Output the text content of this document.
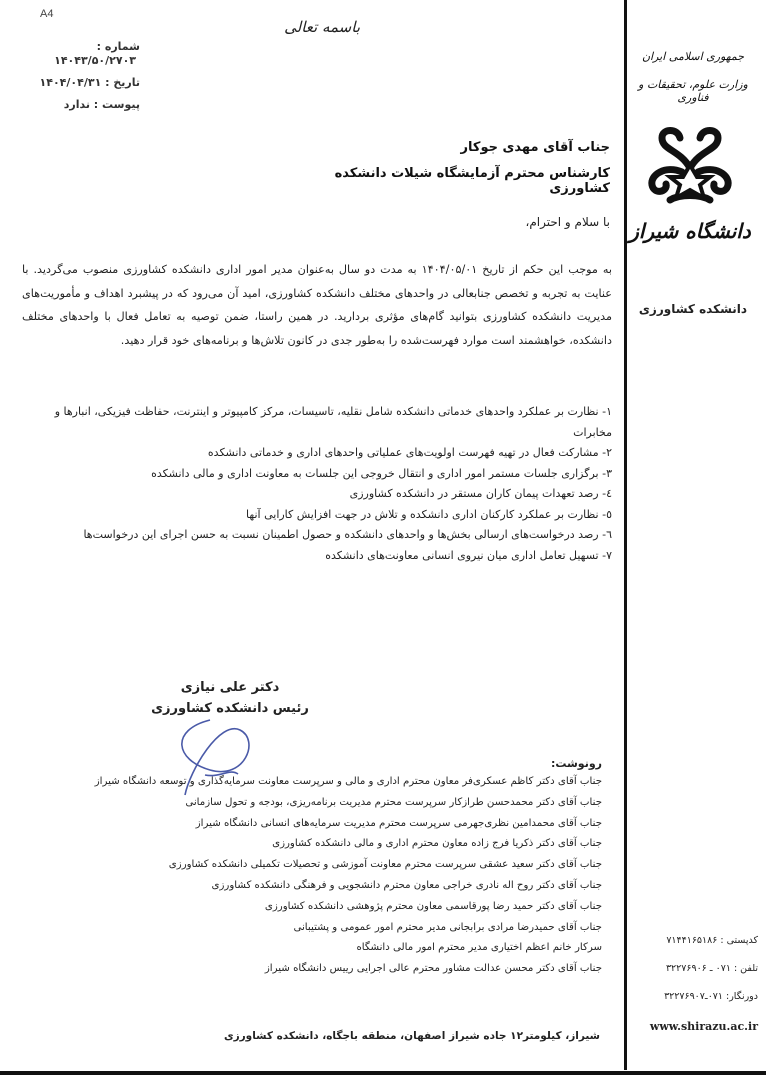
A4
باسمه تعالی
شماره :
۱۴۰۴۳/۵۰/۲۷۰۳
تاریخ : ۱۴۰۴/۰۴/۳۱
پیوست : ندارد
جمهوری اسلامی ایران
وزارت علوم، تحقیقات و فناوری
دانشگاه شیراز
دانشکده کشاورزی
جناب آقای مهدی جوکار
کارشناس محترم آزمایشگاه شیلات دانشکده کشاورزی
با سلام و احترام،
به موجب این حکم از تاریخ ۱۴۰۴/۰۵/۰۱ به مدت دو سال به‌عنوان مدیر امور اداری دانشکده کشاورزی منصوب می‌گردید. با عنایت به تجربه و تخصص جنابعالی در واحدهای مختلف دانشکده کشاورزی، امید آن می‌رود که در پیشبرد اهداف و مأموریت‌های مدیریت دانشکده کشاورزی بتوانید گام‌های مؤثری بردارید. در همین راستا، ضمن توصیه به تعامل فعال با واحدهای مختلف دانشکده، خواهشمند است موارد فهرست‌شده را به‌طور جدی در کانون تلاش‌ها و برنامه‌های خود قرار دهید.
۱- نظارت بر عملکرد واحدهای خدماتی دانشکده شامل نقلیه، تاسیسات، مرکز کامپیوتر و اینترنت، حفاظت فیزیکی، انبارها و مخابرات
۲- مشارکت فعال در تهیه فهرست اولویت‌های عملیاتی واحدهای اداری و خدماتی دانشکده
۳- برگزاری جلسات مستمر امور اداری و انتقال خروجی این جلسات به معاونت اداری و مالی دانشکده
٤- رصد تعهدات پیمان کاران مستقر در دانشکده کشاورزی
٥- نظارت بر عملکرد کارکنان اداری دانشکده و تلاش در جهت افزایش کارایی آنها
٦- رصد درخواست‌های ارسالی بخش‌ها و واحدهای دانشکده و حصول اطمینان نسبت به حسن اجرای این درخواست‌ها
۷- تسهیل تعامل اداری میان نیروی انسانی معاونت‌های دانشکده
دکتر علی نیازی
رئیس دانشکده کشاورزی
رونوشت:
جناب آقای دکتر کاظم عسکری‌فر معاون محترم اداری و مالی و سرپرست معاونت سرمایه‌گذاری و توسعه دانشگاه شیراز
جناب آقای دکتر محمدحسن طرازکار سرپرست محترم مدیریت برنامه‌ریزی، بودجه و تحول سازمانی
جناب آقای محمدامین نظری‌جهرمی سرپرست محترم مدیریت سرمایه‌های انسانی دانشگاه شیراز
جناب آقای دکتر ذکریا فرج زاده معاون محترم اداری و مالی دانشکده کشاورزی
جناب آقای دکتر سعید عشقی سرپرست محترم معاونت آموزشی و تحصیلات تکمیلی دانشکده کشاورزی
جناب آقای دکتر روح اله نادری خراجی معاون محترم دانشجویی و فرهنگی دانشکده کشاورزی
جناب آقای دکتر حمید رضا پورقاسمی معاون محترم پژوهشی دانشکده کشاورزی
جناب آقای حمیدرضا مرادی برابجانی مدیر محترم امور عمومی و پشتیبانی
سرکار خانم اعظم اختیاری مدیر محترم امور مالی دانشگاه
جناب آقای دکتر محسن عدالت مشاور محترم عالی اجرایی رییس دانشگاه شیراز
کدپستی : ۷۱۴۴۱۶۵۱۸۶
تلفن : ۰۷۱ ـ ۳۲۲۷۶۹۰۶
دورنگار: ۰۷۱ـ۳۲۲۷۶۹۰۷
www.shirazu.ac.ir
شیراز، کیلومتر۱۲ جاده شیراز اصفهان، منطقه باجگاه، دانشکده کشاورزی
